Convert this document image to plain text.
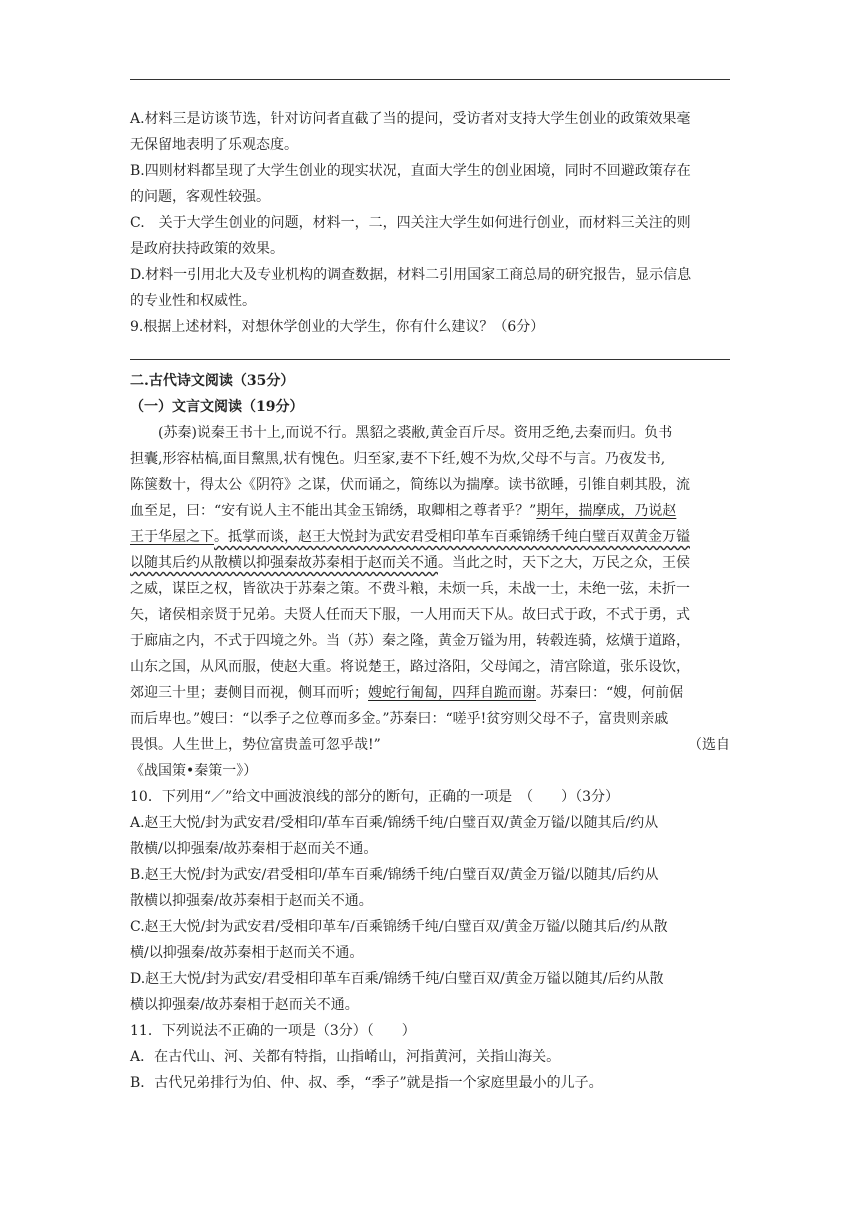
A.材料三是访谈节选，针对访问者直截了当的提问，受访者对支持大学生创业的政策效果毫
无保留地表明了乐观态度。
B.四则材料都呈现了大学生创业的现实状况，直面大学生的创业困境，同时不回避政策存在
的问题，客观性较强。
C.　关于大学生创业的问题，材料一，二，四关注大学生如何进行创业，而材料三关注的则
是政府扶持政策的效果。
D.材料一引用北大及专业机构的调查数据，材料二引用国家工商总局的研究报告，显示信息
的专业性和权威性。
9.根据上述材料，对想休学创业的大学生，你有什么建议？（6分）
二.古代诗文阅读（35分）
（一）文言文阅读（19分）
(苏秦)说秦王书十上,而说不行。黑貂之裘敝,黄金百斤尽。资用乏绝,去秦而归。负书
担囊,形容枯槁,面目黧黑,状有愧色。归至家,妻不下纴,嫂不为炊,父母不与言。乃夜发书,
陈箧数十，得太公《阴符》之谋，伏而诵之，简练以为揣摩。读书欲睡，引锥自刺其股，流
血至足，曰：“安有说人主不能出其金玉锦绣，取卿相之尊者乎？”期年，揣摩成，乃说赵
王于华屋之下。抵掌而谈，赵王大悦封为武安君受相印革车百乘锦绣千纯白璧百双黄金万镒
以随其后约从散横以抑强秦故苏秦相于赵而关不通。当此之时，天下之大，万民之众，王侯
之威，谋臣之权，皆欲决于苏秦之策。不费斗粮，未烦一兵，未战一士，未绝一弦，未折一
矢，诸侯相亲贤于兄弟。夫贤人任而天下服，一人用而天下从。故曰式于政，不式于勇，式
于廊庙之内，不式于四境之外。当（苏）秦之隆，黄金万镒为用，转毂连骑，炫熿于道路，
山东之国，从风而服，使赵大重。将说楚王，路过洛阳，父母闻之，清宫除道，张乐设饮，
郊迎三十里；妻侧目而视，侧耳而听；嫂蛇行匍匐，四拜自跪而谢。苏秦曰：“嫂，何前倨
而后卑也。”嫂曰：“以季子之位尊而多金。”苏秦曰：“嗟乎!贫穷则父母不子，富贵则亲戚
畏惧。人生世上，势位富贵盖可忽乎哉!”	（选自
《战国策•秦策一》）
10．下列用“／”给文中画波浪线的部分的断句，正确的一项是　（　　）（3分）
A.赵王大悦/封为武安君/受相印/革车百乘/锦绣千纯/白璧百双/黄金万镒/以随其后/约从
散横/以抑强秦/故苏秦相于赵而关不通。
B.赵王大悦/封为武安/君受相印/革车百乘/锦绣千纯/白璧百双/黄金万镒/以随其/后约从
散横以抑强秦/故苏秦相于赵而关不通。
C.赵王大悦/封为武安君/受相印革车/百乘锦绣千纯/白璧百双/黄金万镒/以随其后/约从散
横/以抑强秦/故苏秦相于赵而关不通。
D.赵王大悦/封为武安/君受相印革车百乘/锦绣千纯/白璧百双/黄金万镒以随其/后约从散
横以抑强秦/故苏秦相于赵而关不通。
11．下列说法不正确的一项是（3分）（　　）
A．在古代山、河、关都有特指，山指崤山，河指黄河，关指山海关。
B．古代兄弟排行为伯、仲、叔、季，“季子”就是指一个家庭里最小的儿子。
